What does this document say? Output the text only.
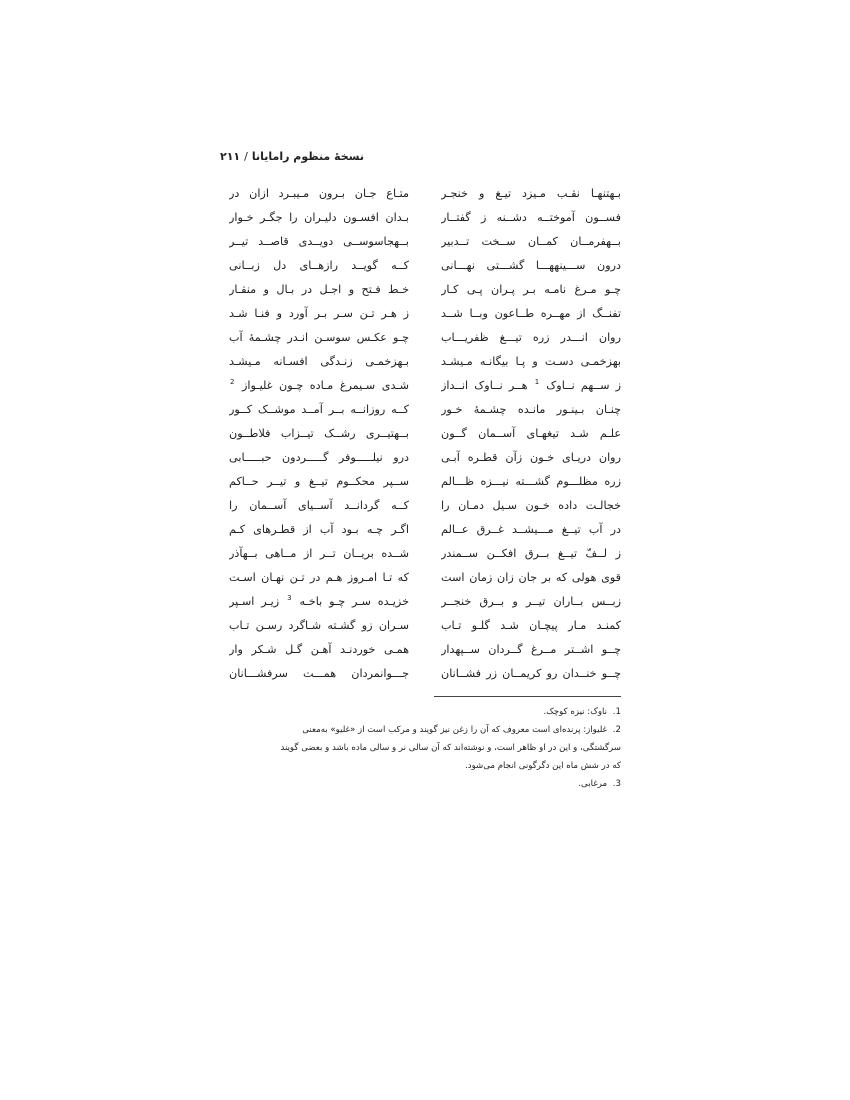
نسخهٔ منظوم رامایانا/۲۱۱
بـهتنهـا نقـب مـیزد تیـغ و خنجـر
متـاع جـان بـرون مـیبـرد ازان در
فســون آموختــه دشــنه ز گفتــار
بـدان افسـون دلیـران را جگـر خـوار
بــهفرمــان کمــان ســخت تــدبیر
بــهجاسوســی دویــدی قاصــد تیــر
درون ســـینههـــا گشـــتی نهـــانی
کــه گویــد رازهــای دل زبــانی
چـو مـرغ نامـه بـر پـران پـی کـار
خـط فـتح و اجـل در بـال و منقـار
تفنــگ از مهــره طــاعون وبــا شــد
ز هـر تـن سـر بـر آورد و فنـا شـد
روان انـــدر زره تیـــغ ظفریـــاب
چـو عکـس سوسـن انـدر چشـمهٔ آب
بهزخمـی دسـت و پـا بیگانـه مـیشـد
بـهزخمـی زنـدگی افسـانه مـیشـد
ز ســهم نــاوک $^1$ هــر نــاوک انــداز
شـدی سـیمرغ مـاده چـون غلیـواز $^2$
چنـان بـینـور مانـده چشـمهٔ خـور
کــه روزانــه بــر آمــد موشــک کــور
علـم شـد تیغهـای آســمان گــون
بــهتیــری رشــک تیــزاب فلاطــون
روان دریـای خـون زآن قطـره آبـی
درو نیلـــــوفر گـــــردون حبـــــابی
زره مظلـــوم گشـــته نیـــزه ظـــالم
ســپر محکــوم تیــغ و تیــر حــاکم
خجالـت داده خـون سـیل دمـان را
کــه گردانــد آســیای آســمان را
در آب تیــغ مـــیشــد غــرق عــالم
اگـر چـه بـود آب از قطـرهای کـم
ز لــفّ تیــغ بــرق افکــن ســمندر
شــده بریــان تــر از مــاهی بــهآذر
قوی هولی که بر جان زان زمان است
که تـا امـروز هـم در تـن نهـان اسـت
زبــس بــاران تیــر و بــرق خنجــر
خزیـده سـر چـو باخـه $^3$ زیـر اسـپر
کمنـد مـار پیچـان شـد گلـو تـاب
سـران زو گشـته شـاگرد رسـن تـاب
چــو اشــتر مــرغ گــردان ســپهدار
همـی خوردنـد آهـن گـل شـکر وار
چــو خنــدان رو کریمــان زر فشــانان
جـــوانمردان همـــت سرفشـــانان
1. ناوک: نیزه کوچک.
2. غلیواز: پرنده‌ای است معروف که آن را زغن نیز گویند و مرکب است از «غلیو» به‌معنی
سرگشتگی، و این در او ظاهر است، و نوشته‌اند که آن سالی نر و سالی ماده باشد و بعضی گویند
که در شش ماه این دگرگونی انجام می‌شود.
3. مرغابی.
